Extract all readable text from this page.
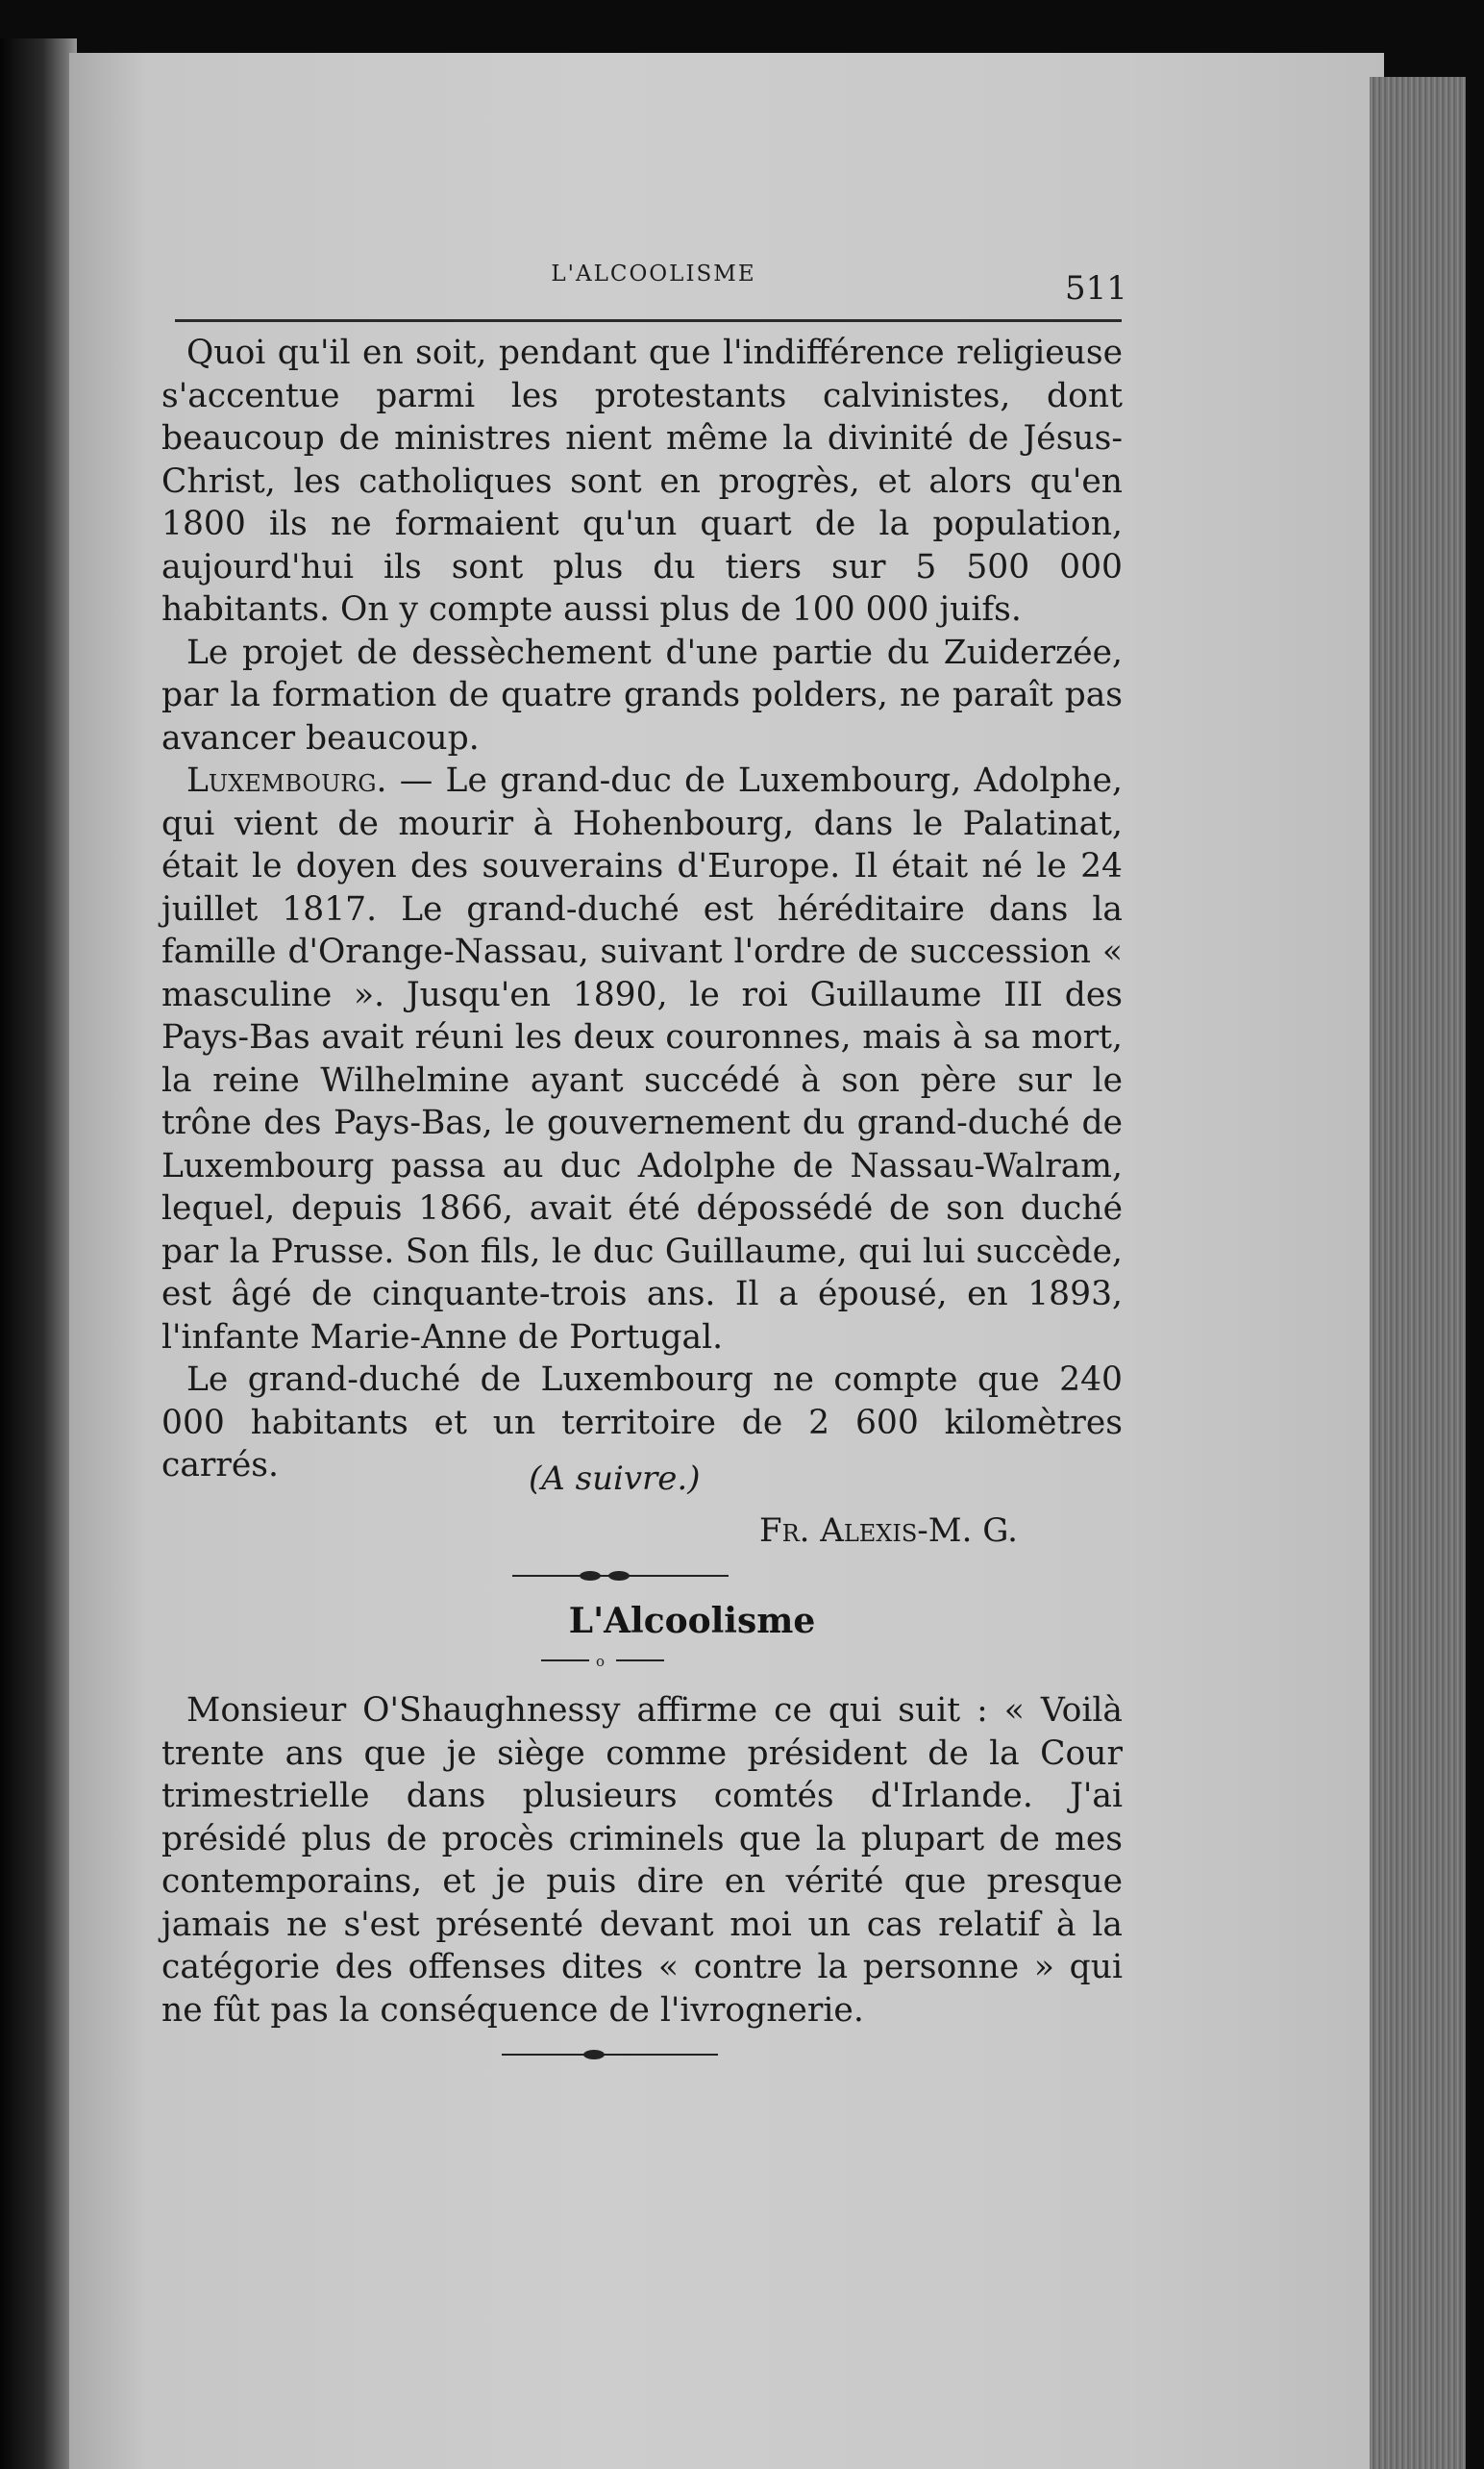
L'ALCOOLISME	511

Quoi qu'il en soit, pendant que l'indifférence religieuse s'accentue parmi les protestants calvinistes, dont beaucoup de ministres nient même la divinité de Jésus-Christ, les catholiques sont en progrès, et alors qu'en 1800 ils ne formaient qu'un quart de la population, aujourd'hui ils sont plus du tiers sur 5 500 000 habitants. On y compte aussi plus de 100 000 juifs.

Le projet de dessèchement d'une partie du Zuiderzée, par la formation de quatre grands polders, ne paraît pas avancer beaucoup.

Luxembourg. — Le grand-duc de Luxembourg, Adolphe, qui vient de mourir à Hohenbourg, dans le Palatinat, était le doyen des souverains d'Europe. Il était né le 24 juillet 1817. Le grand-duché est héréditaire dans la famille d'Orange-Nassau, suivant l'ordre de succession « masculine ». Jusqu'en 1890, le roi Guillaume III des Pays-Bas avait réuni les deux couronnes, mais à sa mort, la reine Wilhelmine ayant succédé à son père sur le trône des Pays-Bas, le gouvernement du grand-duché de Luxembourg passa au duc Adolphe de Nassau-Walram, lequel, depuis 1866, avait été dépossédé de son duché par la Prusse. Son fils, le duc Guillaume, qui lui succède, est âgé de cinquante-trois ans. Il a épousé, en 1893, l'infante Marie-Anne de Portugal.

Le grand-duché de Luxembourg ne compte que 240 000 habitants et un territoire de 2 600 kilomètres carrés.	(A suivre.)
Fr. Alexis-M. G.
L'Alcoolisme
o

Monsieur O'Shaughnessy affirme ce qui suit : « Voilà trente ans que je siège comme président de la Cour trimestrielle dans plusieurs comtés d'Irlande. J'ai présidé plus de procès criminels que la plupart de mes contemporains, et je puis dire en vérité que presque jamais ne s'est présenté devant moi un cas relatif à la catégorie des offenses dites « contre la personne » qui ne fût pas la conséquence de l'ivrognerie.
